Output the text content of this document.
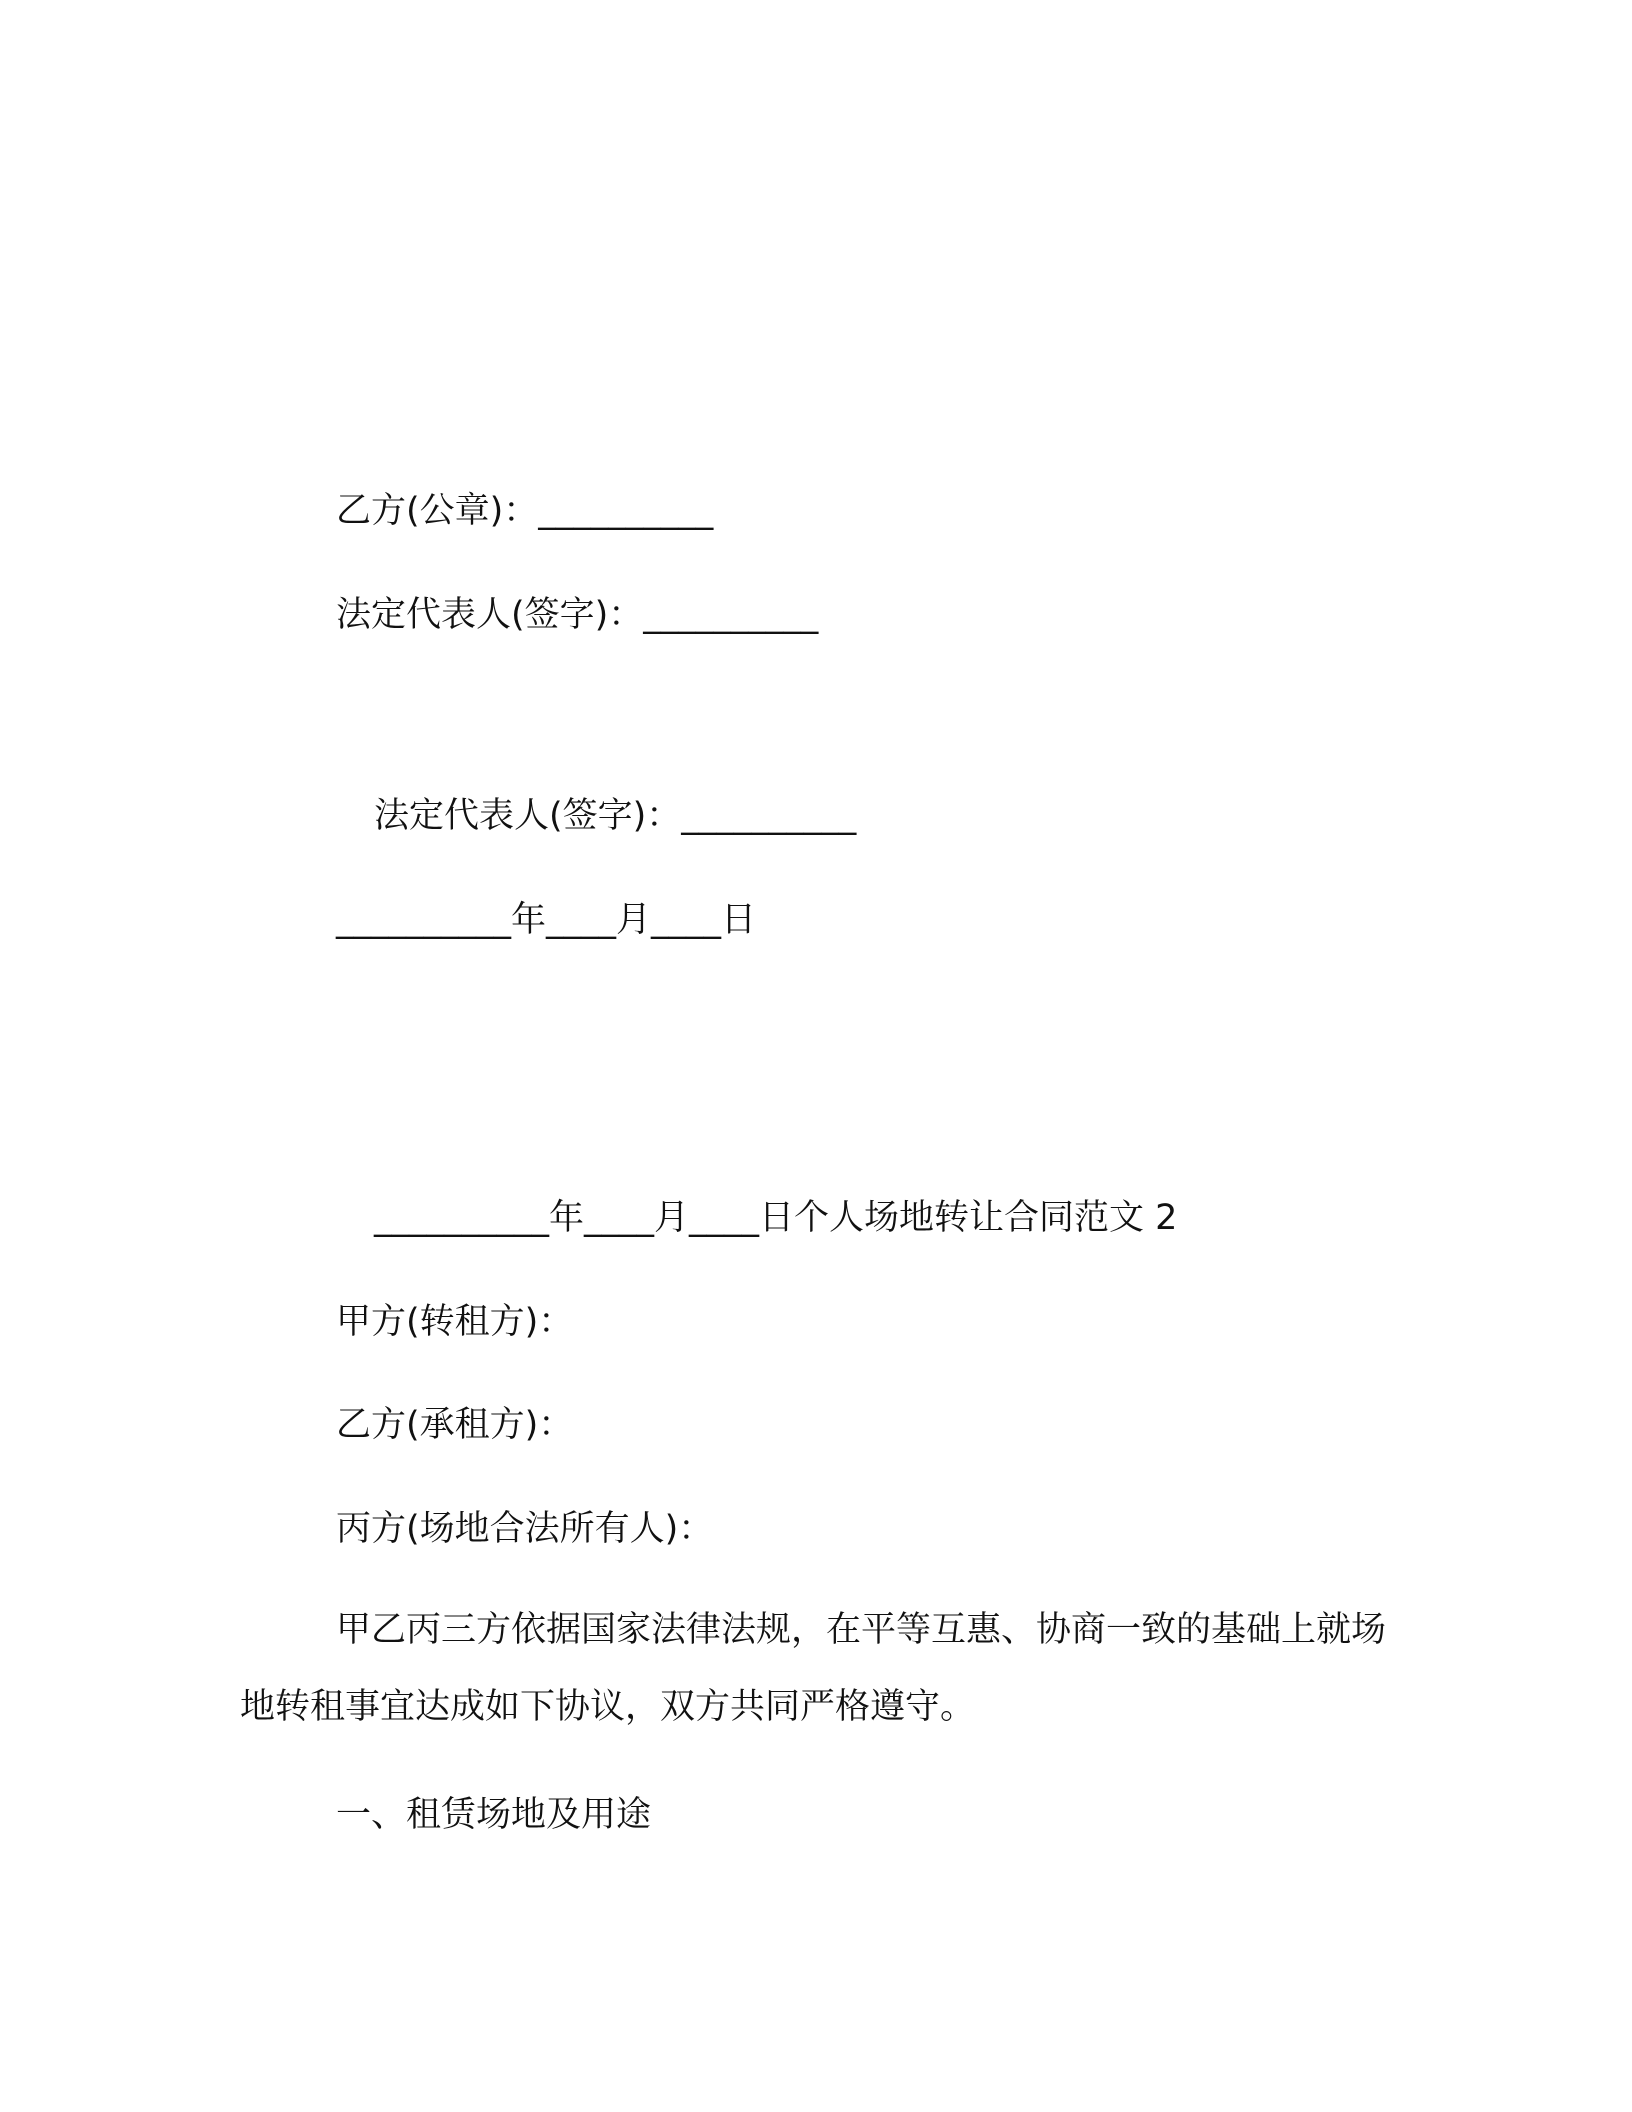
乙方(公章)：__________

法定代表人(签字)：__________

法定代表人(签字)：__________

__________年____月____日

__________年____月____日个人场地转让合同范文 2

甲方(转租方)：

乙方(承租方)：

丙方(场地合法所有人)：

甲乙丙三方依据国家法律法规，在平等互惠、协商一致的基础上就场地转租事宜达成如下协议，双方共同严格遵守。

一、租赁场地及用途
